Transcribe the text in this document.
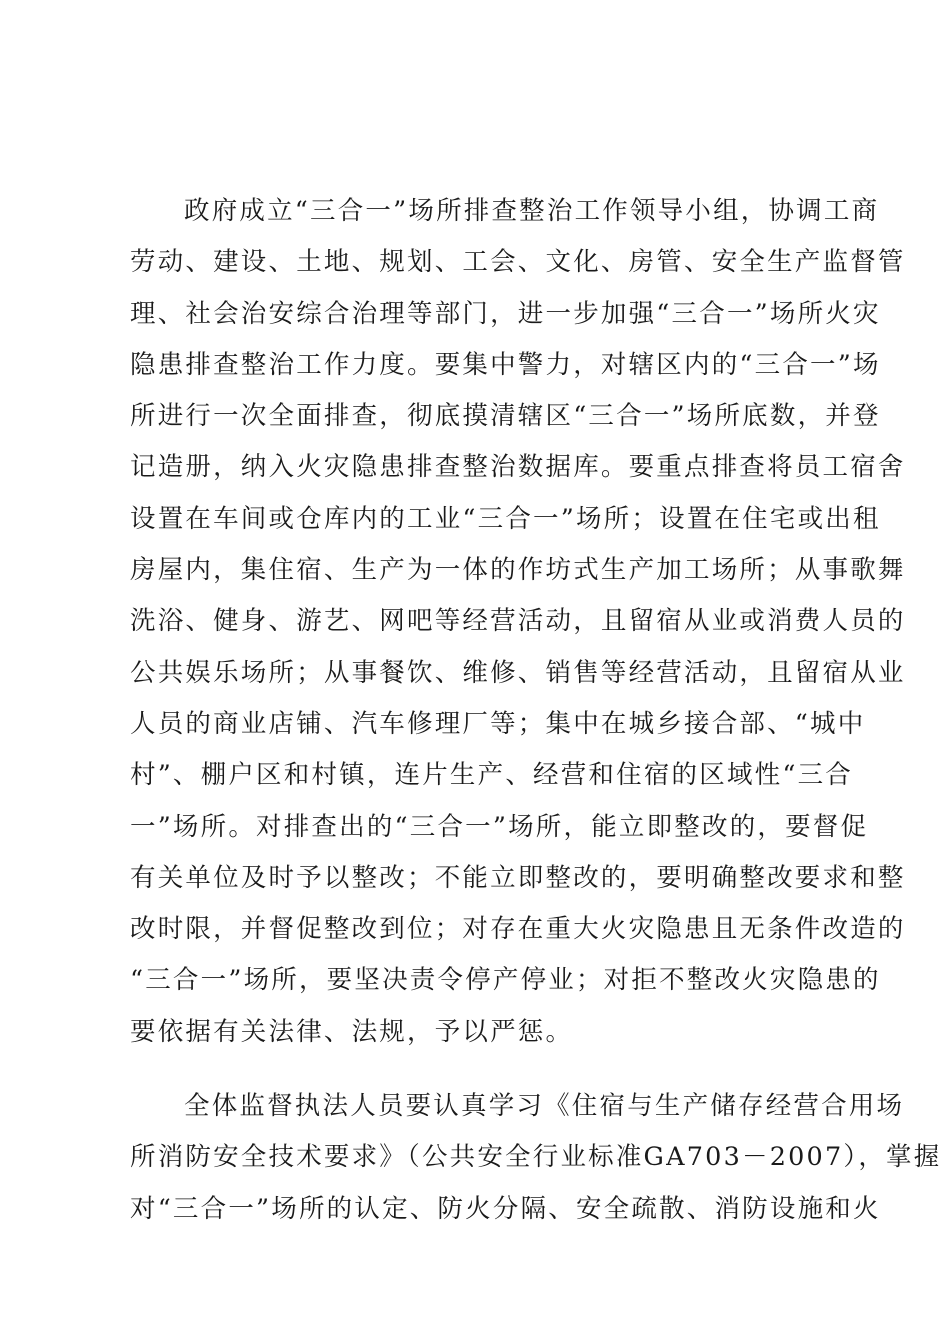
政府成立“三合一”场所排查整治工作领导小组，协调工商
劳动、建设、土地、规划、工会、文化、房管、安全生产监督管
理、社会治安综合治理等部门，进一步加强“三合一”场所火灾
隐患排查整治工作力度。要集中警力，对辖区内的“三合一”场
所进行一次全面排查，彻底摸清辖区“三合一”场所底数，并登
记造册，纳入火灾隐患排查整治数据库。要重点排查将员工宿舍
设置在车间或仓库内的工业“三合一”场所；设置在住宅或出租
房屋内，集住宿、生产为一体的作坊式生产加工场所；从事歌舞
洗浴、健身、游艺、网吧等经营活动，且留宿从业或消费人员的
公共娱乐场所；从事餐饮、维修、销售等经营活动，且留宿从业
人员的商业店铺、汽车修理厂等；集中在城乡接合部、“城中
村”、棚户区和村镇，连片生产、经营和住宿的区域性“三合
一”场所。对排查出的“三合一”场所，能立即整改的，要督促
有关单位及时予以整改；不能立即整改的，要明确整改要求和整
改时限，并督促整改到位；对存在重大火灾隐患且无条件改造的
“三合一”场所，要坚决责令停产停业；对拒不整改火灾隐患的
要依据有关法律、法规，予以严惩。
全体监督执法人员要认真学习《住宿与生产储存经营合用场
所消防安全技术要求》（公共安全行业标准GA703－2007），掌握
对“三合一”场所的认定、防火分隔、安全疏散、消防设施和火
